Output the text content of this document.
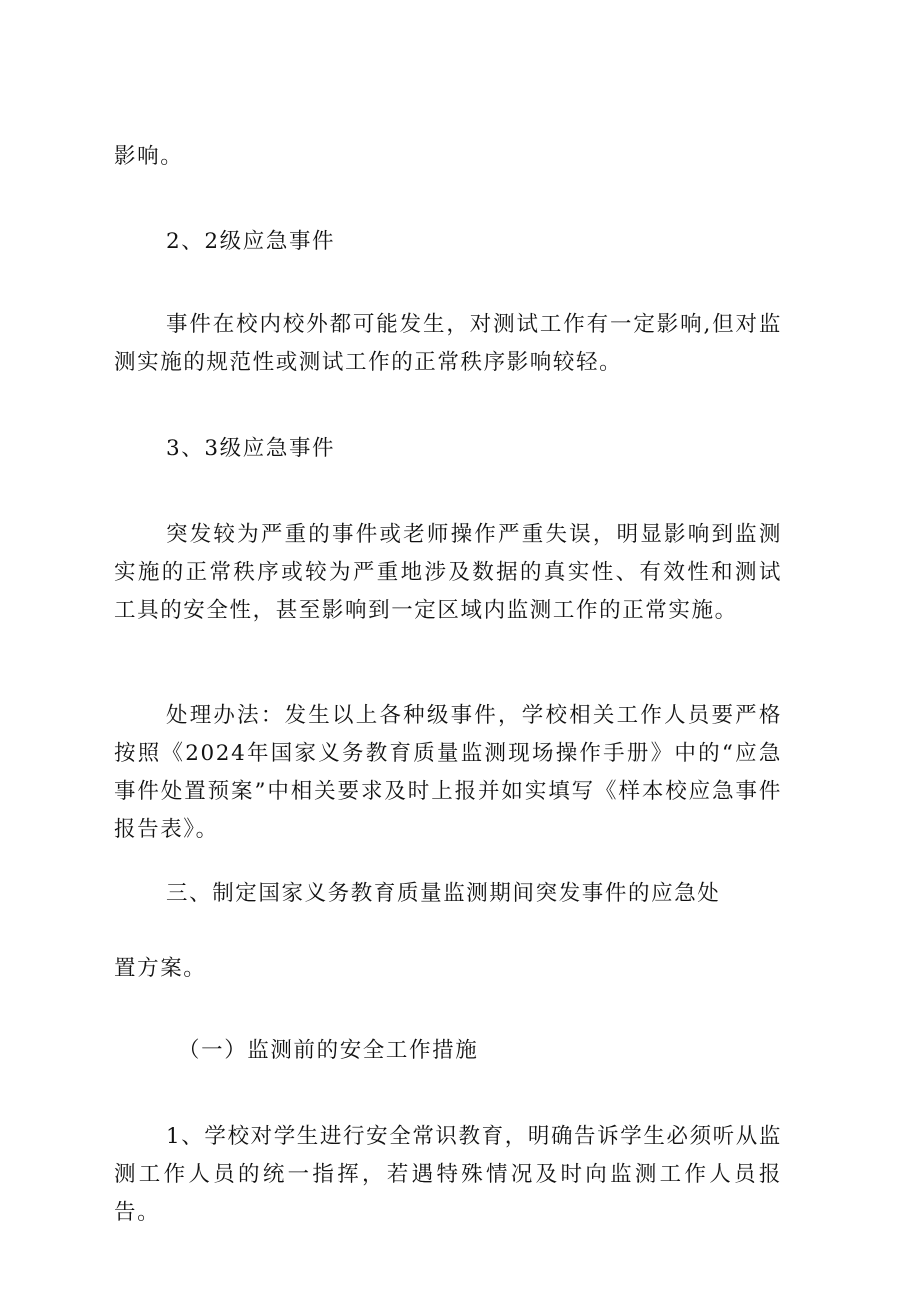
影响。

2、2级应急事件

事件在校内校外都可能发生，对测试工作有一定影响,但对监测实施的规范性或测试工作的正常秩序影响较轻。

3、3级应急事件

突发较为严重的事件或老师操作严重失误，明显影响到监测实施的正常秩序或较为严重地涉及数据的真实性、有效性和测试工具的安全性，甚至影响到一定区域内监测工作的正常实施。

处理办法：发生以上各种级事件，学校相关工作人员要严格按照《2024年国家义务教育质量监测现场操作手册》中的“应急事件处置预案”中相关要求及时上报并如实填写《样本校应急事件报告表》。

三、制定国家义务教育质量监测期间突发事件的应急处

置方案。

（一）监测前的安全工作措施

1、学校对学生进行安全常识教育，明确告诉学生必须听从监测工作人员的统一指挥，若遇特殊情况及时向监测工作人员报告。
